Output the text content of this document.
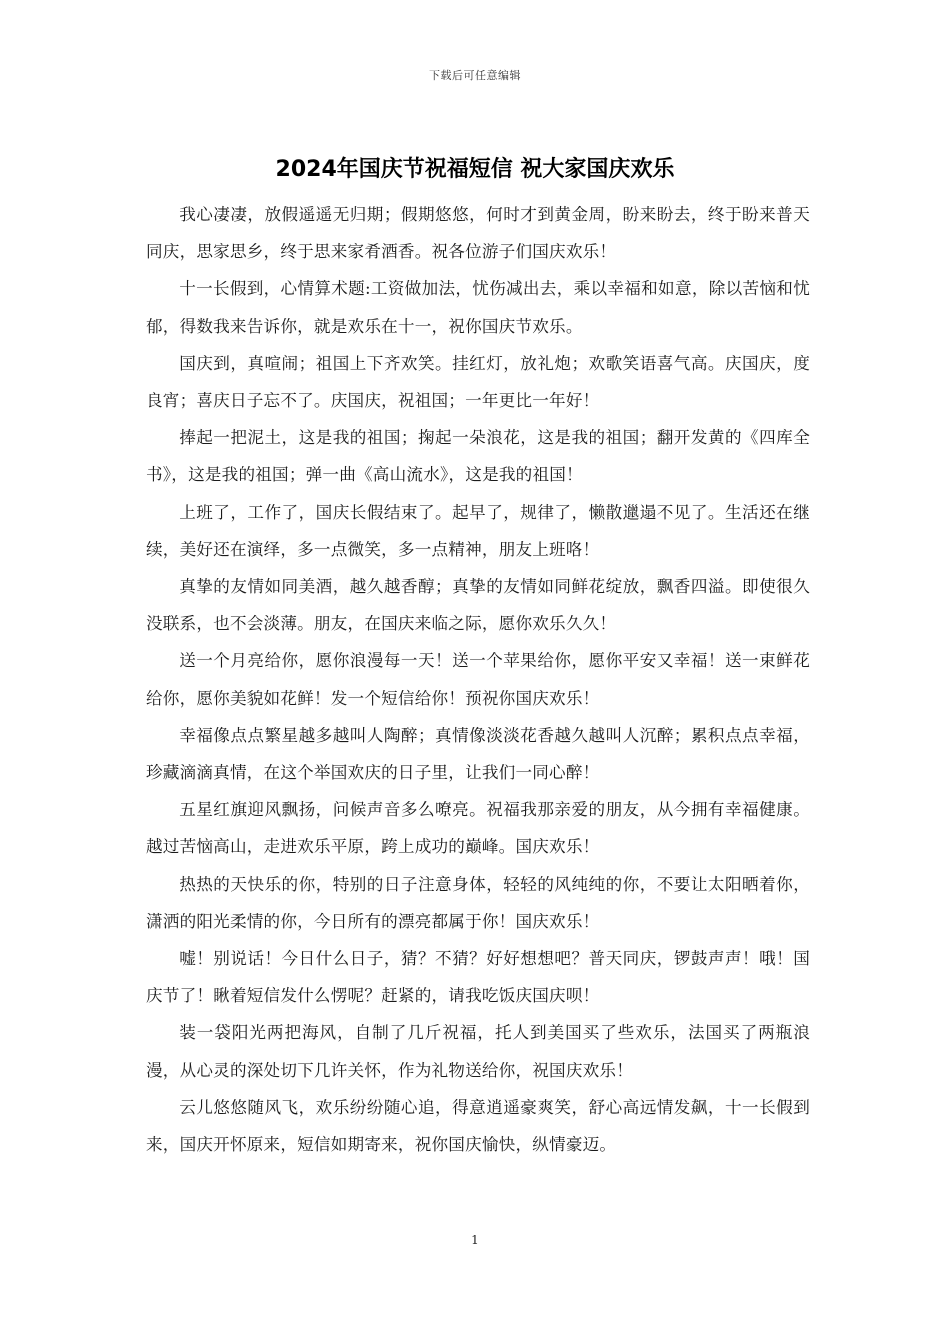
下载后可任意编辑
2024年国庆节祝福短信 祝大家国庆欢乐

我心凄凄，放假遥遥无归期；假期悠悠，何时才到黄金周，盼来盼去，终于盼来普天同庆，思家思乡，终于思来家肴酒香。祝各位游子们国庆欢乐！

十一长假到，心情算术题:工资做加法，忧伤减出去，乘以幸福和如意，除以苦恼和忧郁，得数我来告诉你，就是欢乐在十一，祝你国庆节欢乐。

国庆到，真喧闹；祖国上下齐欢笑。挂红灯，放礼炮；欢歌笑语喜气高。庆国庆，度良宵；喜庆日子忘不了。庆国庆，祝祖国；一年更比一年好！

捧起一把泥土，这是我的祖国；掬起一朵浪花，这是我的祖国；翻开发黄的《四库全书》，这是我的祖国；弹一曲《高山流水》，这是我的祖国！

上班了，工作了，国庆长假结束了。起早了，规律了，懒散邋遢不见了。生活还在继续，美好还在演绎，多一点微笑，多一点精神，朋友上班咯！

真挚的友情如同美酒，越久越香醇；真挚的友情如同鲜花绽放，飘香四溢。即使很久没联系，也不会淡薄。朋友，在国庆来临之际，愿你欢乐久久！

送一个月亮给你，愿你浪漫每一天！送一个苹果给你，愿你平安又幸福！送一束鲜花给你，愿你美貌如花鲜！发一个短信给你！预祝你国庆欢乐！

幸福像点点繁星越多越叫人陶醉；真情像淡淡花香越久越叫人沉醉；累积点点幸福，珍藏滴滴真情，在这个举国欢庆的日子里，让我们一同心醉！

五星红旗迎风飘扬，问候声音多么嘹亮。祝福我那亲爱的朋友，从今拥有幸福健康。越过苦恼高山，走进欢乐平原，跨上成功的巅峰。国庆欢乐！

热热的天快乐的你，特别的日子注意身体，轻轻的风纯纯的你，不要让太阳晒着你，潇洒的阳光柔情的你，今日所有的漂亮都属于你！国庆欢乐！

嘘！别说话！今日什么日子，猜？不猜？好好想想吧？普天同庆，锣鼓声声！哦！国庆节了！瞅着短信发什么愣呢？赶紧的，请我吃饭庆国庆呗！

装一袋阳光两把海风，自制了几斤祝福，托人到美国买了些欢乐，法国买了两瓶浪漫，从心灵的深处切下几许关怀，作为礼物送给你，祝国庆欢乐！

云儿悠悠随风飞，欢乐纷纷随心追，得意逍遥豪爽笑，舒心高远情发飙，十一长假到来，国庆开怀原来，短信如期寄来，祝你国庆愉快，纵情豪迈。

1
